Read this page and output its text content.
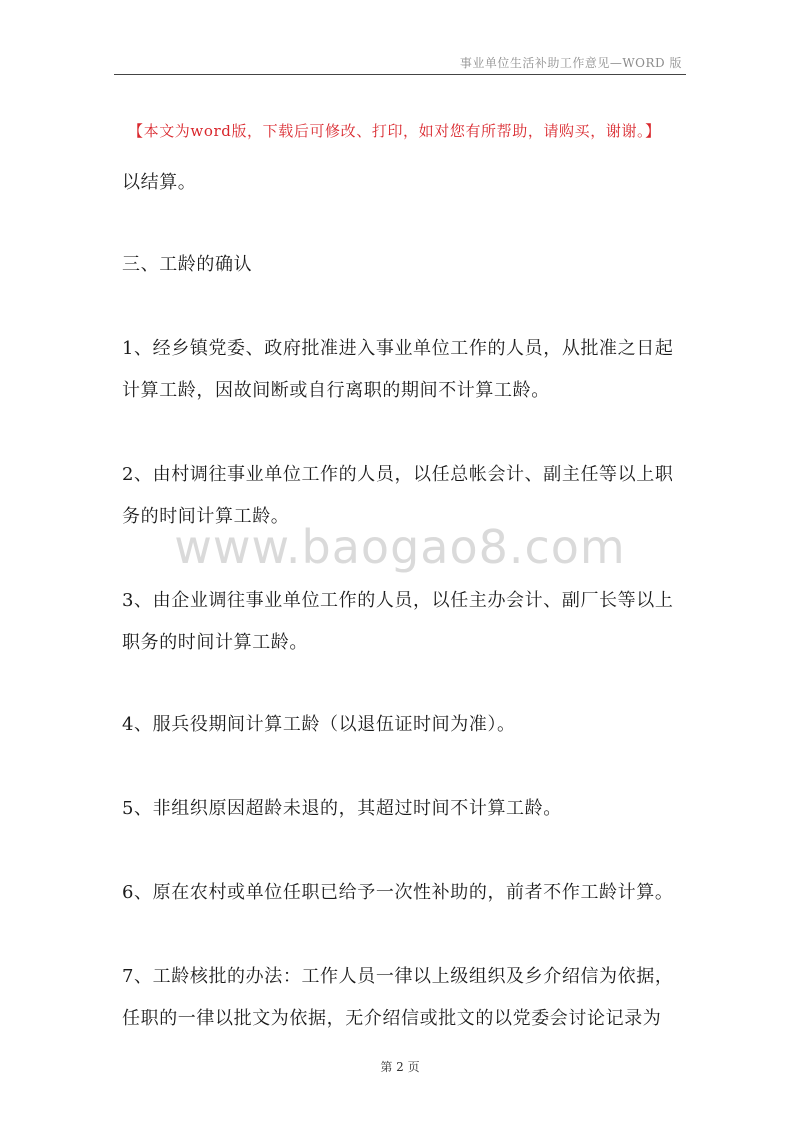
事业单位生活补助工作意见—WORD 版
【本文为word版，下载后可修改、打印，如对您有所帮助，请购买，谢谢。】

以结算。

三、工龄的确认

1、经乡镇党委、政府批准进入事业单位工作的人员，从批准之日起计算工龄，因故间断或自行离职的期间不计算工龄。

2、由村调往事业单位工作的人员，以任总帐会计、副主任等以上职务的时间计算工龄。

3、由企业调往事业单位工作的人员，以任主办会计、副厂长等以上职务的时间计算工龄。

4、服兵役期间计算工龄（以退伍证时间为准）。

5、非组织原因超龄未退的，其超过时间不计算工龄。

6、原在农村或单位任职已给予一次性补助的，前者不作工龄计算。

7、工龄核批的办法：工作人员一律以上级组织及乡介绍信为依据，任职的一律以批文为依据，无介绍信或批文的以党委会讨论记录为

www.baogao8.com
第 2 页
